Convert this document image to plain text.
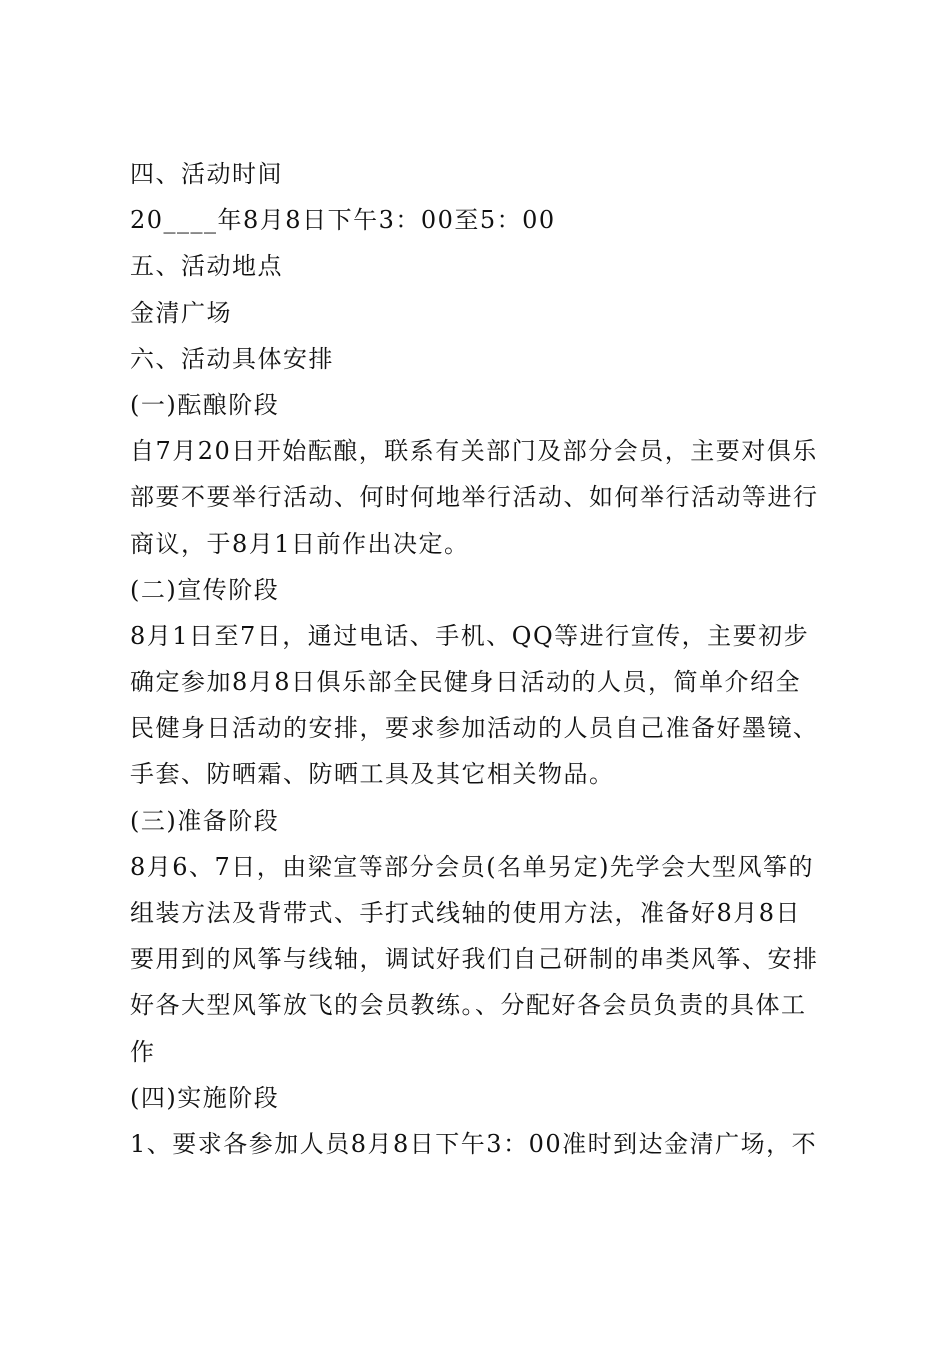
四、活动时间
20____年8月8日下午3：00至5：00
五、活动地点
金清广场
六、活动具体安排
(一)酝酿阶段
自7月20日开始酝酿，联系有关部门及部分会员，主要对俱乐
部要不要举行活动、何时何地举行活动、如何举行活动等进行
商议，于8月1日前作出决定。
(二)宣传阶段
8月1日至7日，通过电话、手机、QQ等进行宣传，主要初步
确定参加8月8日俱乐部全民健身日活动的人员，简单介绍全
民健身日活动的安排，要求参加活动的人员自己准备好墨镜、
手套、防晒霜、防晒工具及其它相关物品。
(三)准备阶段
8月6、7日，由梁宣等部分会员(名单另定)先学会大型风筝的
组装方法及背带式、手打式线轴的使用方法，准备好8月8日
要用到的风筝与线轴，调试好我们自己研制的串类风筝、安排
好各大型风筝放飞的会员教练。、分配好各会员负责的具体工
作
(四)实施阶段
1、要求各参加人员8月8日下午3：00准时到达金清广场，不
